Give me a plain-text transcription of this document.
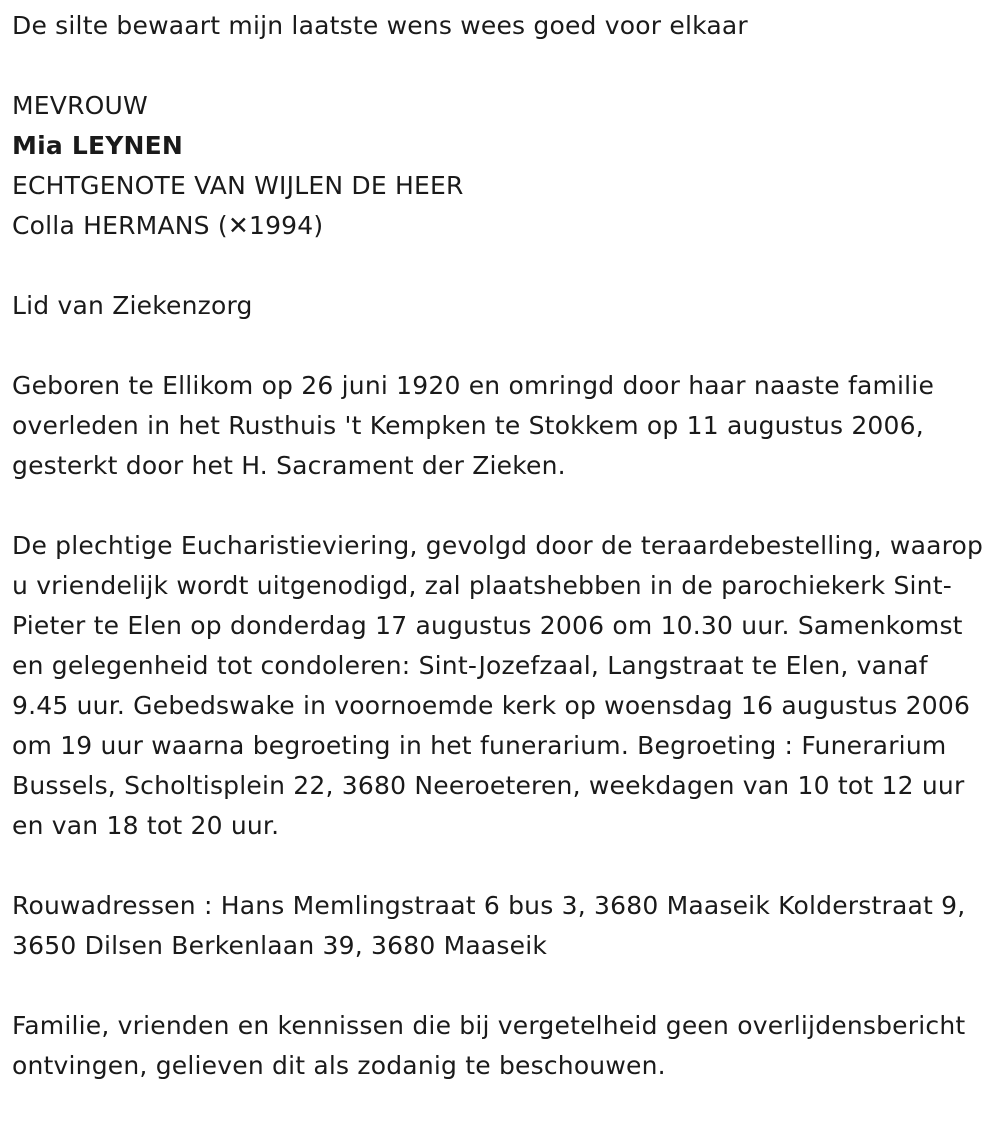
De silte bewaart mijn laatste wens wees goed voor elkaar

MEVROUW

Mia LEYNEN

ECHTGENOTE VAN WIJLEN DE HEER

Colla HERMANS (✕1994)

Lid van Ziekenzorg

Geboren te Ellikom op 26 juni 1920 en omringd door haar naaste familie overleden in het Rusthuis 't Kempken te Stokkem op 11 augustus 2006, gesterkt door het H. Sacrament der Zieken.

De plechtige Eucharistieviering, gevolgd door de teraardebestelling, waarop u vriendelijk wordt uitgenodigd, zal plaatshebben in de parochiekerk Sint-Pieter te Elen op donderdag 17 augustus 2006 om 10.30 uur. Samenkomst en gelegenheid tot condoleren: Sint-Jozefzaal, Langstraat te Elen, vanaf 9.45 uur. Gebedswake in voornoemde kerk op woensdag 16 augustus 2006 om 19 uur waarna begroeting in het funerarium. Begroeting : Funerarium Bussels, Scholtisplein 22, 3680 Neeroeteren, weekdagen van 10 tot 12 uur en van 18 tot 20 uur.

Rouwadressen : Hans Memlingstraat 6 bus 3, 3680 Maaseik Kolderstraat 9, 3650 Dilsen Berkenlaan 39, 3680 Maaseik

Familie, vrienden en kennissen die bij vergetelheid geen overlijdensbericht ontvingen, gelieven dit als zodanig te beschouwen.
